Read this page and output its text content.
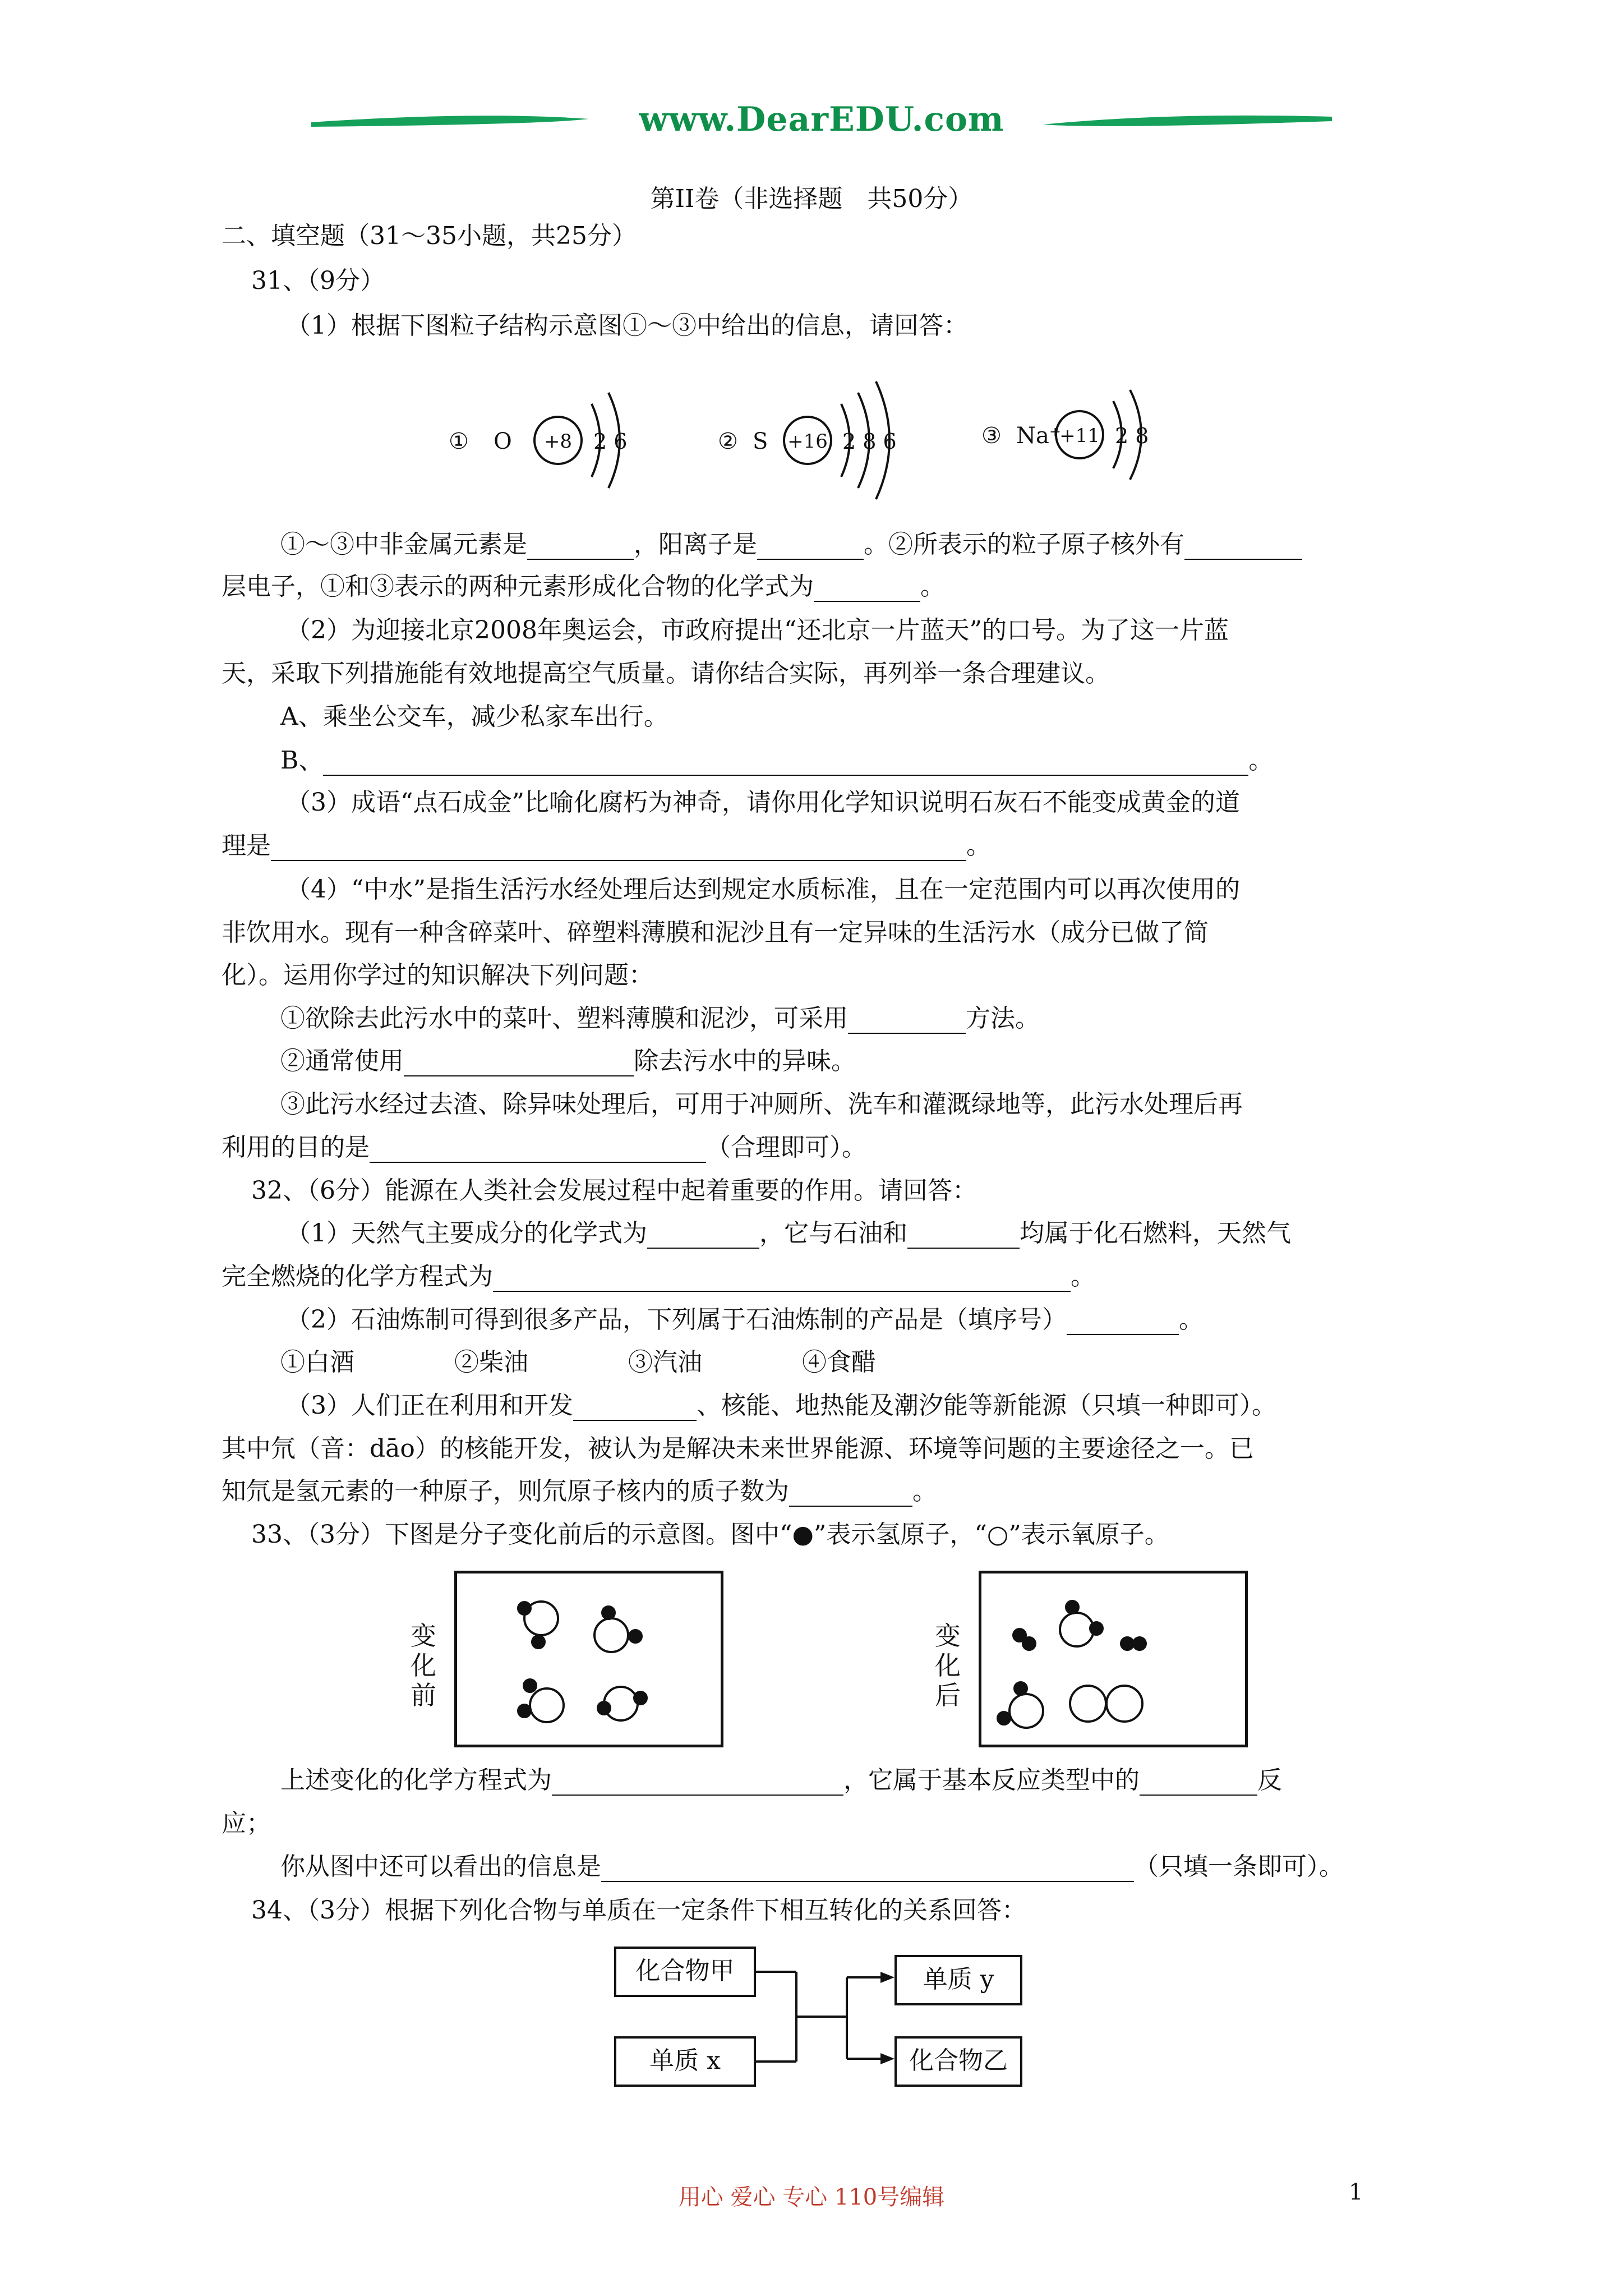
www.DearEDU.com
第II卷（非选择题　共50分）
二、填空题（31～35小题，共25分）
31、（9分）
（1）根据下图粒子结构示意图①～③中给出的信息，请回答：
① O +8 2 6	② S +16 2 8 6	③ Na⁺
+11 2 8
①～③中非金属元素是	，阳离子是	。②所表示的粒子原子核外有
层电子，①和③表示的两种元素形成化合物的化学式为	。
（2）为迎接北京2008年奥运会，市政府提出“还北京一片蓝天”的口号。为了这一片蓝
天，采取下列措施能有效地提高空气质量。请你结合实际，再列举一条合理建议。
A、乘坐公交车，减少私家车出行。
B、	。
（3）成语“点石成金”比喻化腐朽为神奇，请你用化学知识说明石灰石不能变成黄金的道
理是	。
（4）“中水”是指生活污水经处理后达到规定水质标准，且在一定范围内可以再次使用的
非饮用水。现有一种含碎菜叶、碎塑料薄膜和泥沙且有一定异味的生活污水（成分已做了简
化）。运用你学过的知识解决下列问题：
①欲除去此污水中的菜叶、塑料薄膜和泥沙，可采用	方法。
②通常使用	除去污水中的异味。
③此污水经过去渣、除异味处理后，可用于冲厕所、洗车和灌溉绿地等，此污水处理后再
利用的目的是	（合理即可）。
32、（6分）能源在人类社会发展过程中起着重要的作用。请回答：
（1）天然气主要成分的化学式为	，它与石油和	均属于化石燃料，天然气
完全燃烧的化学方程式为	。
（2）石油炼制可得到很多产品，下列属于石油炼制的产品是（填序号）	。
①白酒	②柴油	③汽油	④食醋
（3）人们正在利用和开发	、核能、地热能及潮汐能等新能源（只填一种即可）。
其中氘（音：dāo）的核能开发，被认为是解决未来世界能源、环境等问题的主要途径之一。已
知氘是氢元素的一种原子，则氘原子核内的质子数为	。
33、（3分）下图是分子变化前后的示意图。图中“●”表示氢原子，“○”表示氧原子。
变化前
变化后
上述变化的化学方程式为	，它属于基本反应类型中的	反
应；
你从图中还可以看出的信息是	（只填一条即可）。
34、（3分）根据下列化合物与单质在一定条件下相互转化的关系回答：
化合物甲
单质 x
单质 y
化合物乙
用心 爱心 专心 110号编辑	1
